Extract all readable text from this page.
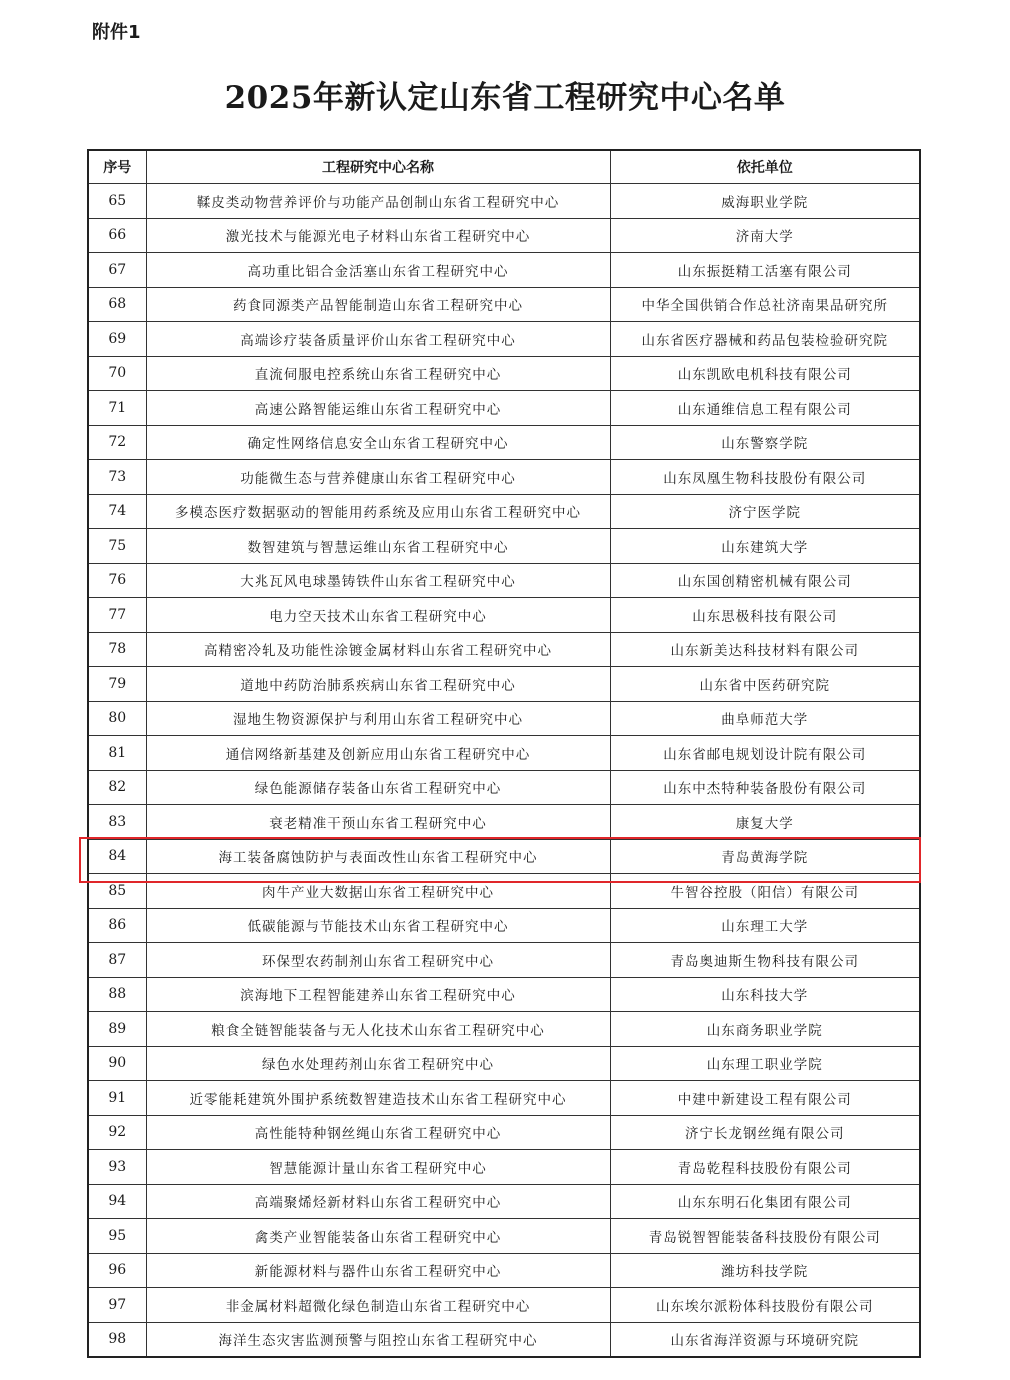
附件1
2025年新认定山东省工程研究中心名单
序号	工程研究中心名称	依托单位
65	鞣皮类动物营养评价与功能产品创制山东省工程研究中心	威海职业学院
66	激光技术与能源光电子材料山东省工程研究中心	济南大学
67	高功重比铝合金活塞山东省工程研究中心	山东振挺精工活塞有限公司
68	药食同源类产品智能制造山东省工程研究中心	中华全国供销合作总社济南果品研究所
69	高端诊疗装备质量评价山东省工程研究中心	山东省医疗器械和药品包装检验研究院
70	直流伺服电控系统山东省工程研究中心	山东凯欧电机科技有限公司
71	高速公路智能运维山东省工程研究中心	山东通维信息工程有限公司
72	确定性网络信息安全山东省工程研究中心	山东警察学院
73	功能微生态与营养健康山东省工程研究中心	山东凤凰生物科技股份有限公司
74	多模态医疗数据驱动的智能用药系统及应用山东省工程研究中心	济宁医学院
75	数智建筑与智慧运维山东省工程研究中心	山东建筑大学
76	大兆瓦风电球墨铸铁件山东省工程研究中心	山东国创精密机械有限公司
77	电力空天技术山东省工程研究中心	山东思极科技有限公司
78	高精密冷轧及功能性涂镀金属材料山东省工程研究中心	山东新美达科技材料有限公司
79	道地中药防治肺系疾病山东省工程研究中心	山东省中医药研究院
80	湿地生物资源保护与利用山东省工程研究中心	曲阜师范大学
81	通信网络新基建及创新应用山东省工程研究中心	山东省邮电规划设计院有限公司
82	绿色能源储存装备山东省工程研究中心	山东中杰特种装备股份有限公司
83	衰老精准干预山东省工程研究中心	康复大学
84	海工装备腐蚀防护与表面改性山东省工程研究中心	青岛黄海学院
85	肉牛产业大数据山东省工程研究中心	牛智谷控股（阳信）有限公司
86	低碳能源与节能技术山东省工程研究中心	山东理工大学
87	环保型农药制剂山东省工程研究中心	青岛奥迪斯生物科技有限公司
88	滨海地下工程智能建养山东省工程研究中心	山东科技大学
89	粮食全链智能装备与无人化技术山东省工程研究中心	山东商务职业学院
90	绿色水处理药剂山东省工程研究中心	山东理工职业学院
91	近零能耗建筑外围护系统数智建造技术山东省工程研究中心	中建中新建设工程有限公司
92	高性能特种钢丝绳山东省工程研究中心	济宁长龙钢丝绳有限公司
93	智慧能源计量山东省工程研究中心	青岛乾程科技股份有限公司
94	高端聚烯烃新材料山东省工程研究中心	山东东明石化集团有限公司
95	禽类产业智能装备山东省工程研究中心	青岛锐智智能装备科技股份有限公司
96	新能源材料与器件山东省工程研究中心	潍坊科技学院
97	非金属材料超微化绿色制造山东省工程研究中心	山东埃尔派粉体科技股份有限公司
98	海洋生态灾害监测预警与阻控山东省工程研究中心	山东省海洋资源与环境研究院
